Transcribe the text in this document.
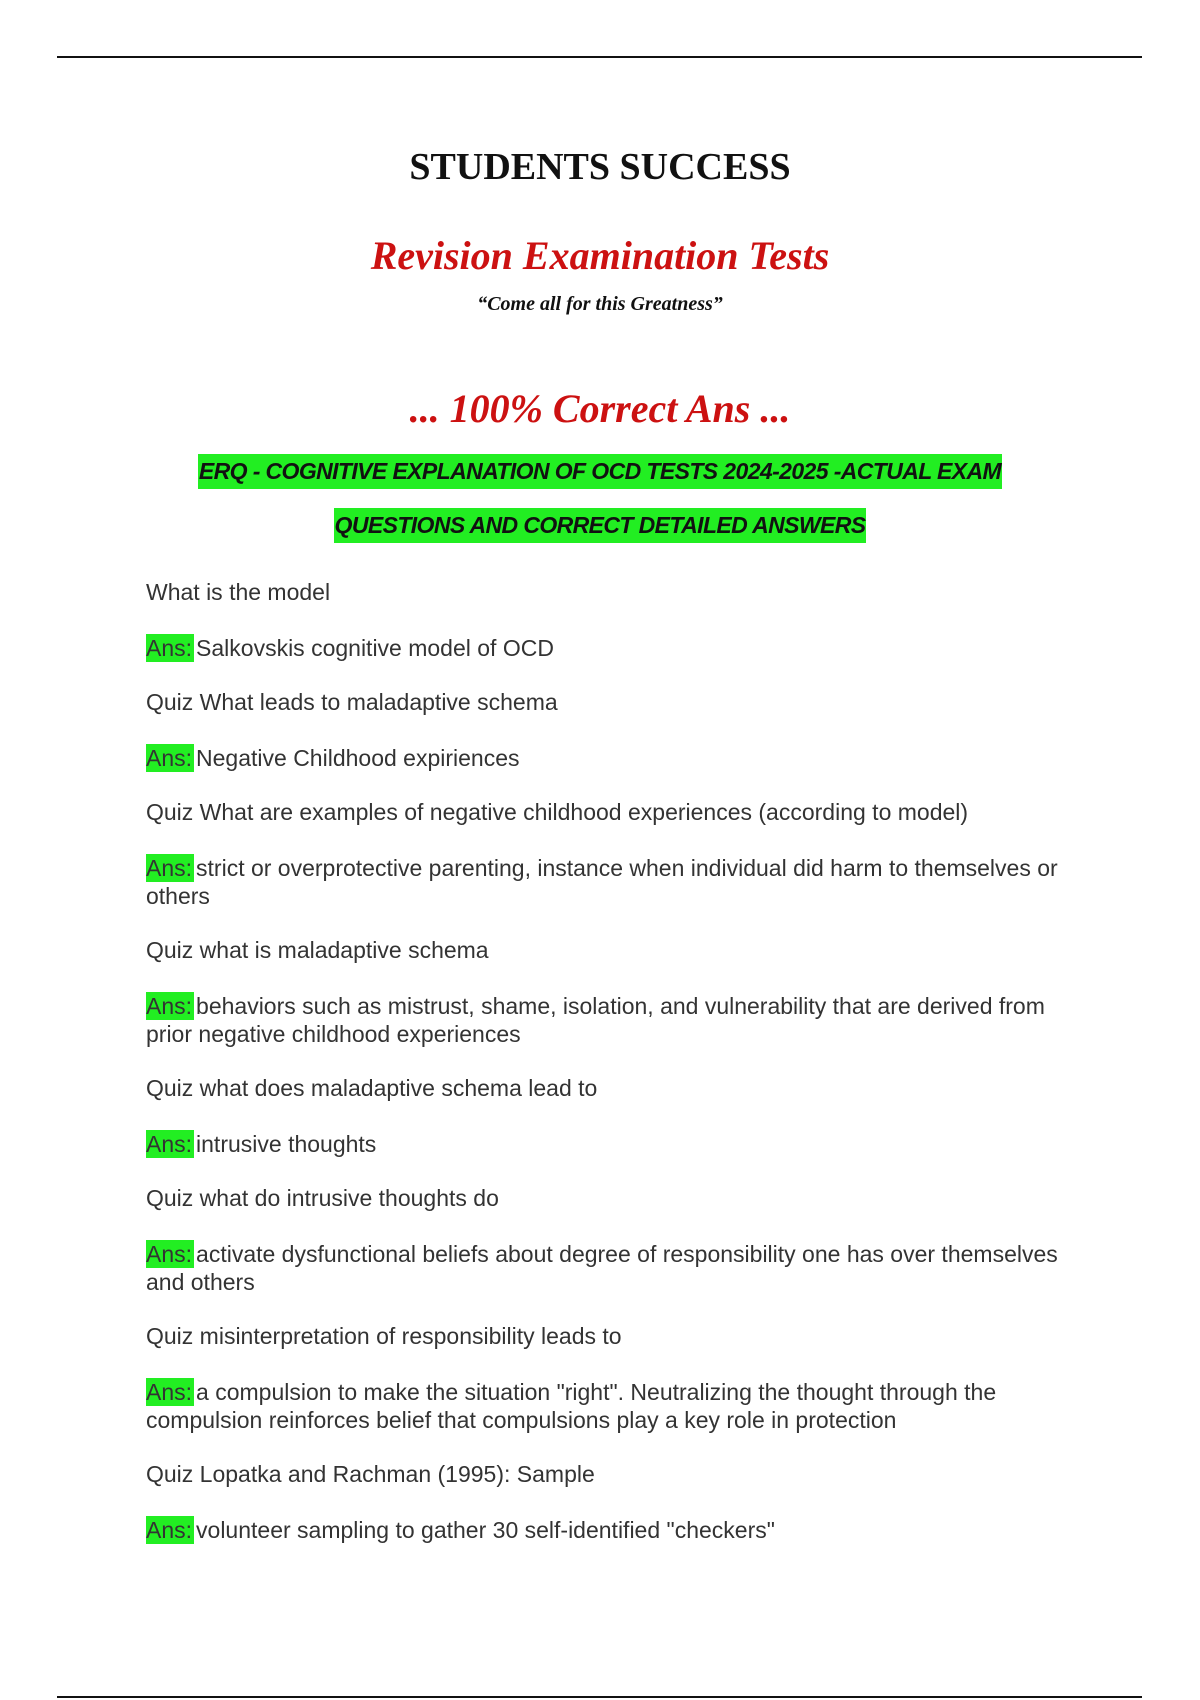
STUDENTS SUCCESS
Revision Examination Tests
“Come all for this Greatness”
... 100% Correct Ans ...
ERQ - COGNITIVE EXPLANATION OF OCD TESTS 2024-2025 -ACTUAL EXAM
QUESTIONS AND CORRECT DETAILED ANSWERS

What is the model

Ans: Salkovskis cognitive model of OCD

Quiz What leads to maladaptive schema

Ans: Negative Childhood expiriences

Quiz What are examples of negative childhood experiences (according to model)

Ans: strict or overprotective parenting, instance when individual did harm to themselves or others

Quiz what is maladaptive schema

Ans: behaviors such as mistrust, shame, isolation, and vulnerability that are derived from prior negative childhood experiences

Quiz what does maladaptive schema lead to

Ans: intrusive thoughts

Quiz what do intrusive thoughts do

Ans: activate dysfunctional beliefs about degree of responsibility one has over themselves and others

Quiz misinterpretation of responsibility leads to

Ans: a compulsion to make the situation "right". Neutralizing the thought through the compulsion reinforces belief that compulsions play a key role in protection

Quiz Lopatka and Rachman (1995): Sample

Ans: volunteer sampling to gather 30 self-identified "checkers"
